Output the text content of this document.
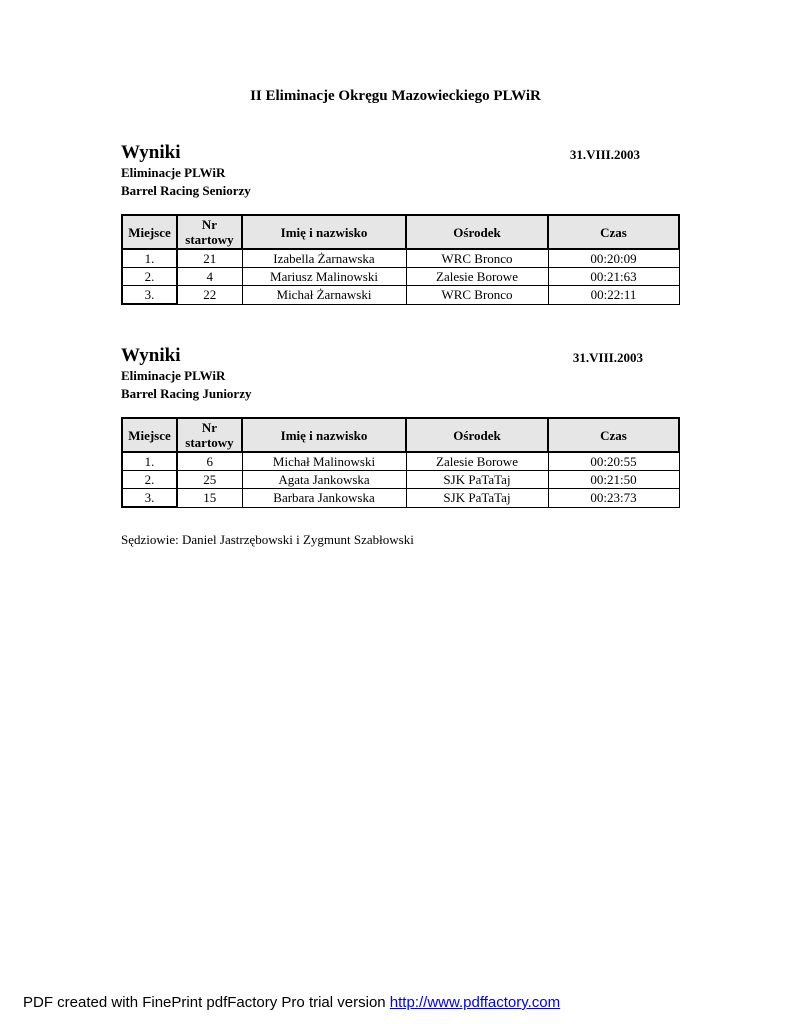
II Eliminacje Okręgu Mazowieckiego PLWiR
Wyniki	31.VIII.2003
Eliminacje PLWiR
Barrel Racing Seniorzy
Miejsce	Nr startowy	Imię i nazwisko	Ośrodek	Czas
1.	21	Izabella Żarnawska	WRC Bronco	00:20:09
2.	4	Mariusz Malinowski	Zalesie Borowe	00:21:63
3.	22	Michał Żarnawski	WRC Bronco	00:22:11
Wyniki	31.VIII.2003
Eliminacje PLWiR
Barrel Racing Juniorzy
Miejsce	Nr startowy	Imię i nazwisko	Ośrodek	Czas
1.	6	Michał Malinowski	Zalesie Borowe	00:20:55
2.	25	Agata Jankowska	SJK PaTaTaj	00:21:50
3.	15	Barbara Jankowska	SJK PaTaTaj	00:23:73
Sędziowie: Daniel Jastrzębowski i Zygmunt Szabłowski
PDF created with FinePrint pdfFactory Pro trial version http://www.pdffactory.com
